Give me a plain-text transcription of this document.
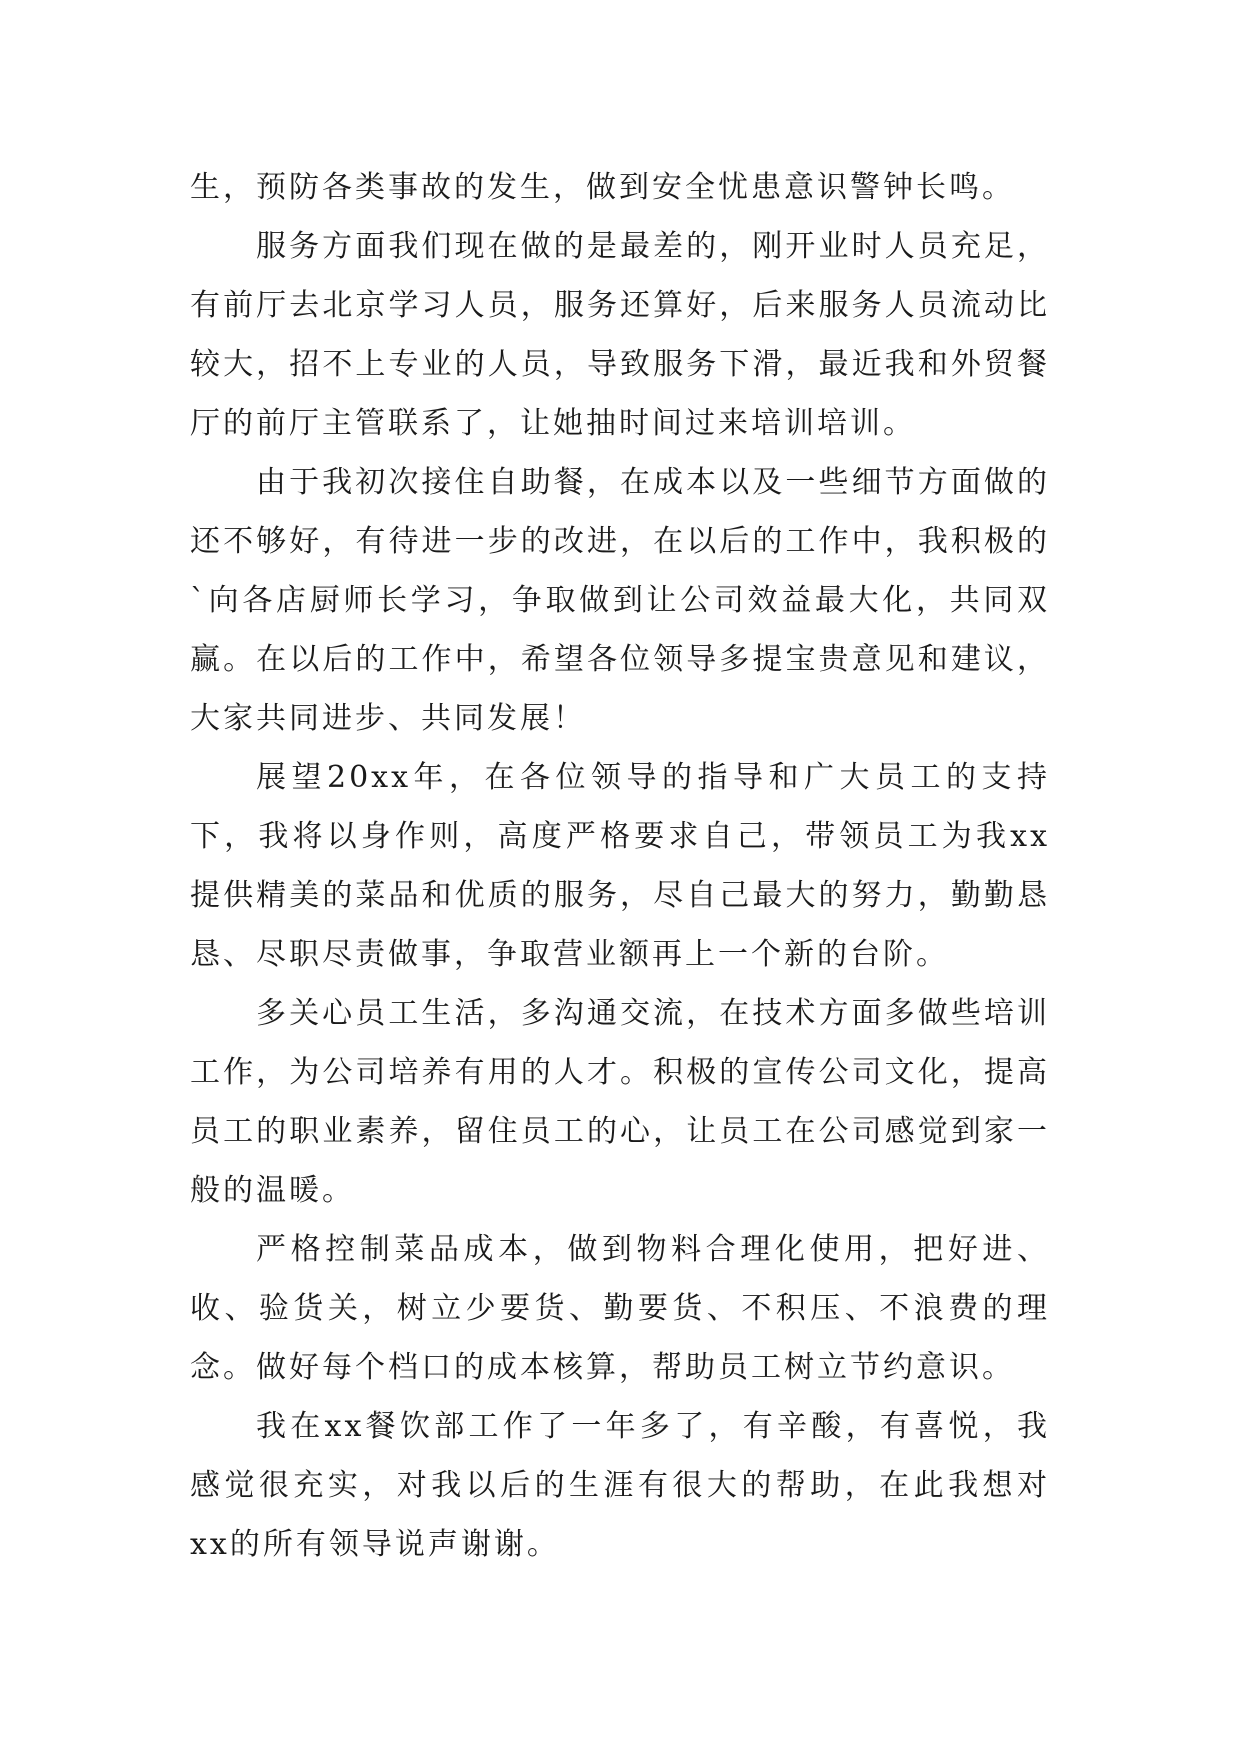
生，预防各类事故的发生，做到安全忧患意识警钟长鸣。

服务方面我们现在做的是最差的，刚开业时人员充足，有前厅去北京学习人员，服务还算好，后来服务人员流动比较大，招不上专业的人员，导致服务下滑，最近我和外贸餐厅的前厅主管联系了，让她抽时间过来培训培训。

由于我初次接住自助餐，在成本以及一些细节方面做的还不够好，有待进一步的改进，在以后的工作中，我积极的`向各店厨师长学习，争取做到让公司效益最大化，共同双赢。在以后的工作中，希望各位领导多提宝贵意见和建议，大家共同进步、共同发展！

展望20xx年，在各位领导的指导和广大员工的支持下，我将以身作则，高度严格要求自己，带领员工为我xx提供精美的菜品和优质的服务，尽自己最大的努力，勤勤恳恳、尽职尽责做事，争取营业额再上一个新的台阶。

多关心员工生活，多沟通交流，在技术方面多做些培训工作，为公司培养有用的人才。积极的宣传公司文化，提高员工的职业素养，留住员工的心，让员工在公司感觉到家一般的温暖。

严格控制菜品成本，做到物料合理化使用，把好进、收、验货关，树立少要货、勤要货、不积压、不浪费的理念。做好每个档口的成本核算，帮助员工树立节约意识。

我在xx餐饮部工作了一年多了，有辛酸，有喜悦，我感觉很充实，对我以后的生涯有很大的帮助，在此我想对xx的所有领导说声谢谢。
